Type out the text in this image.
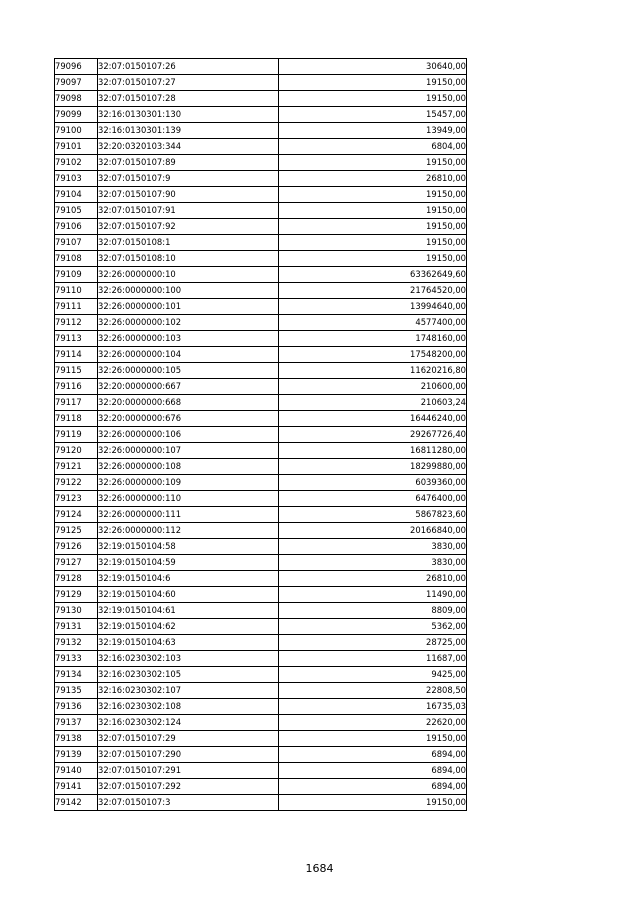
79096	32:07:0150107:26	30640,00
79097	32:07:0150107:27	19150,00
79098	32:07:0150107:28	19150,00
79099	32:16:0130301:130	15457,00
79100	32:16:0130301:139	13949,00
79101	32:20:0320103:344	6804,00
79102	32:07:0150107:89	19150,00
79103	32:07:0150107:9	26810,00
79104	32:07:0150107:90	19150,00
79105	32:07:0150107:91	19150,00
79106	32:07:0150107:92	19150,00
79107	32:07:0150108:1	19150,00
79108	32:07:0150108:10	19150,00
79109	32:26:0000000:10	63362649,60
79110	32:26:0000000:100	21764520,00
79111	32:26:0000000:101	13994640,00
79112	32:26:0000000:102	4577400,00
79113	32:26:0000000:103	1748160,00
79114	32:26:0000000:104	17548200,00
79115	32:26:0000000:105	11620216,80
79116	32:20:0000000:667	210600,00
79117	32:20:0000000:668	210603,24
79118	32:20:0000000:676	16446240,00
79119	32:26:0000000:106	29267726,40
79120	32:26:0000000:107	16811280,00
79121	32:26:0000000:108	18299880,00
79122	32:26:0000000:109	6039360,00
79123	32:26:0000000:110	6476400,00
79124	32:26:0000000:111	5867823,60
79125	32:26:0000000:112	20166840,00
79126	32:19:0150104:58	3830,00
79127	32:19:0150104:59	3830,00
79128	32:19:0150104:6	26810,00
79129	32:19:0150104:60	11490,00
79130	32:19:0150104:61	8809,00
79131	32:19:0150104:62	5362,00
79132	32:19:0150104:63	28725,00
79133	32:16:0230302:103	11687,00
79134	32:16:0230302:105	9425,00
79135	32:16:0230302:107	22808,50
79136	32:16:0230302:108	16735,03
79137	32:16:0230302:124	22620,00
79138	32:07:0150107:29	19150,00
79139	32:07:0150107:290	6894,00
79140	32:07:0150107:291	6894,00
79141	32:07:0150107:292	6894,00
79142	32:07:0150107:3	19150,00
1684
